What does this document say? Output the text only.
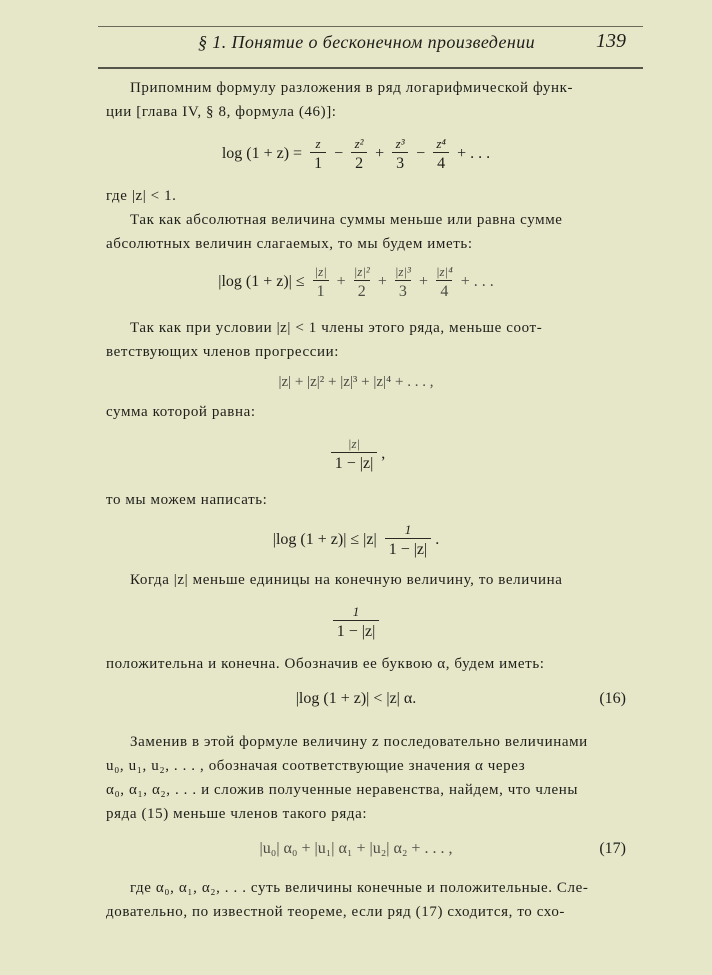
§ 1. Понятие о бесконечном произведении	139
Припомним формулу разложения в ряд логарифмической функ-
ции [глава IV, § 8, формула (46)]:
$\log (1 + z) = \frac{z}{1} - \frac{\text{z²}}{2} + \frac{\text{z³}}{3} - \frac{\text{z⁴}}{4}$ + . . .
где |z| < 1.
Так как абсолютная величина суммы меньше или равна сумме
абсолютных величин слагаемых, то мы будем иметь:
|log $(1 + z)| \le \frac{|z|}{1} + \frac{\text{|z|²}}{2} + \frac{\text{|z|³}}{3} + \frac{\text{|z|⁴}}{4}$ + . . .
Так как при условии |z| < 1 члены этого ряда, меньше соот-
ветствующих членов прогрессии:
|z| + |z|² + |z|³ + |z|⁴ + . . . ,
сумма которой равна:
$\frac{|z|}{1 - |z|}$ ,
то мы можем написать:
|log $(1 + z)| \le |z| \frac{1}{1 - |z|}$ .
Когда |z| меньше единицы на конечную величину, то величина
$\frac{1}{1 - |z|}$
положительна и конечна. Обозначив ее буквою α, будем иметь:
|log (1 + z)| < |z| α.	(16)
Заменив в этой формуле величину z последовательно величинами
u₀, u₁, u₂, . . . , обозначая соответствующие значения α через
α₀, α₁, α₂, . . . и сложив полученные неравенства, найдем, что члены
ряда (15) меньше членов такого ряда:
|u₀| α₀ + |u₁| α₁ + |u₂| α₂ + . . . ,	(17)
где α₀, α₁, α₂, . . . суть величины конечные и положительные. Сле-
довательно, по известной теореме, если ряд (17) сходится, то схо-
